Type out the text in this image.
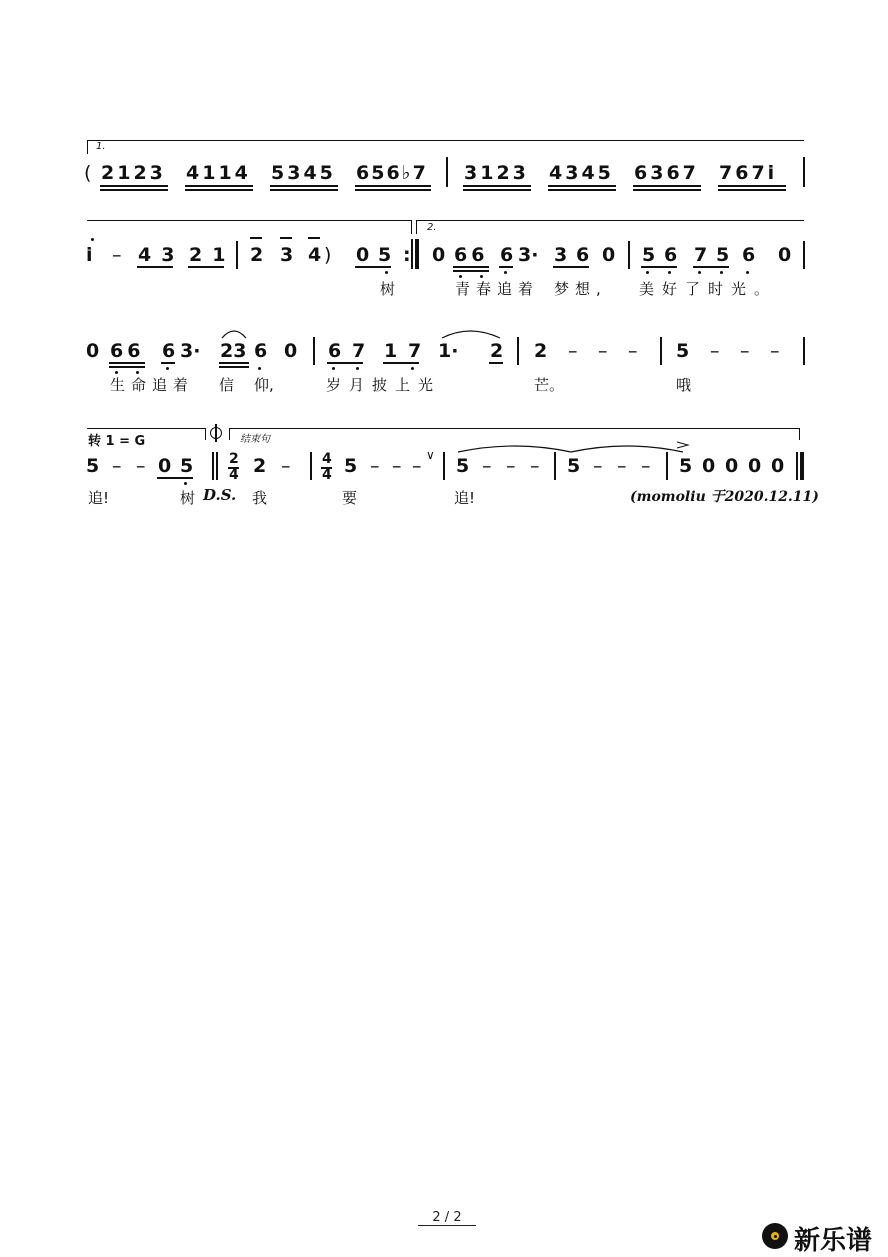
1.
( 2123 4114 5345 656♭7 3123 4345 6367 767i
2.
i – 43 21 2 3 4 ) 0 5 : 0 66 6 3· 3 6 0 5 6 7 5 6 0
树	青春追着 梦想, 美好了时光。
0 66 6 3· 23 6 0 6 7 1 7 1· 2 2 – – – 5 – – –
生命追着 信 仰,	岁月披上光	芒。	哦
转 1 = G	结束句
5 – – 0 5	2
4 2 – 4
4 5 – – – ∨ 5 – – – 5 – – – 5 0 0 0 0
追!	树 D.S. 我	要	追!	(momoliu 于2020.12.11)
2 / 2
新乐谱
